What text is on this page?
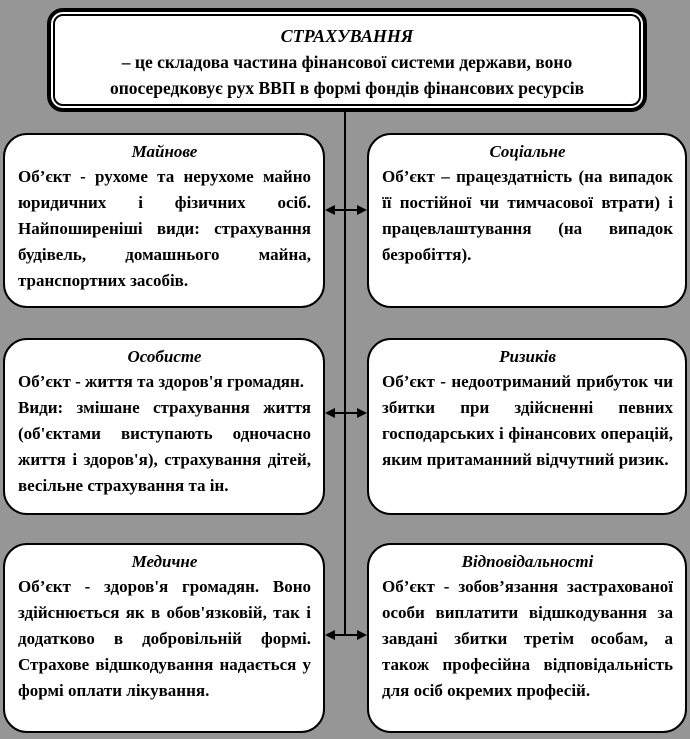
СТРАХУВАННЯ
– це складова частина фінансової системи держави, воно опосередковує рух ВВП в формі фондів фінансових ресурсів
Майнове

Об’єкт - рухоме та нерухоме майно юридичних і фізичних осіб. Найпоширеніші види: страхування будівель, домашнього майна, транспортних засобів.

Соціальне

Об’єкт – працездатність (на випадок її постійної чи тимчасової втрати) і працевлаштування (на випадок безробіття).

Особисте

Об’єкт - життя та здоров'я громадян.

Види: змішане страхування життя (об'єктами виступають одночасно життя і здоров'я), страхування дітей, весільне страхування та ін.

Ризиків

Об’єкт - недоотриманий прибуток чи збитки при здійсненні певних господарських і фінансових операцій, яким притаманний відчутний ризик.

Медичне

Об’єкт - здоров'я громадян. Воно здійснюється як в обов'язковій, так і додатково в добровільній формі. Страхове відшкодування надається у формі оплати лікування.

Відповідальності

Об’єкт - зобов’язання застрахованої особи виплатити відшкодування за завдані збитки третім особам, а також професійна відповідальність для осіб окремих професій.
